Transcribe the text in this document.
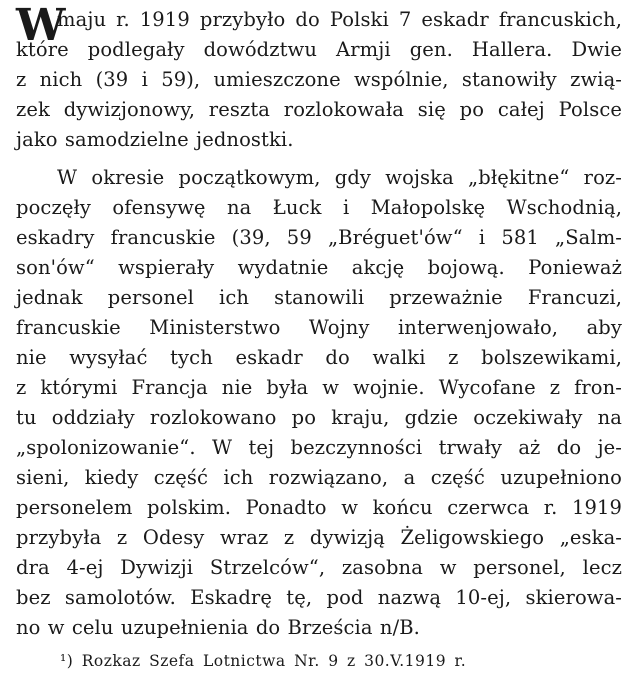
W
maju r. 1919 przybyło do Polski 7 eskadr francuskich,
które podlegały dowództwu Armji gen. Hallera. Dwie
z nich (39 i 59), umieszczone wspólnie, stanowiły zwią-
zek dywizjonowy, reszta rozlokowała się po całej Polsce
jako samodzielne jednostki.
W okresie początkowym, gdy wojska „błękitne“ roz-
poczęły ofensywę na Łuck i Małopolskę Wschodnią,
eskadry francuskie (39, 59 „Bréguet'ów“ i 581 „Salm-
son'ów“ wspierały wydatnie akcję bojową. Ponieważ
jednak personel ich stanowili przeważnie Francuzi,
francuskie Ministerstwo Wojny interwenjowało, aby
nie wysyłać tych eskadr do walki z bolszewikami,
z którymi Francja nie była w wojnie. Wycofane z fron-
tu oddziały rozlokowano po kraju, gdzie oczekiwały na
„spolonizowanie“. W tej bezczynności trwały aż do je-
sieni, kiedy część ich rozwiązano, a część uzupełniono
personelem polskim. Ponadto w końcu czerwca r. 1919
przybyła z Odesy wraz z dywizją Żeligowskiego „eska-
dra 4-ej Dywizji Strzelców“, zasobna w personel, lecz
bez samolotów. Eskadrę tę, pod nazwą 10-ej, skierowa-
no w celu uzupełnienia do Brześcia n/B.
¹) Rozkaz Szefa Lotnictwa Nr. 9 z 30.V.1919 r.
